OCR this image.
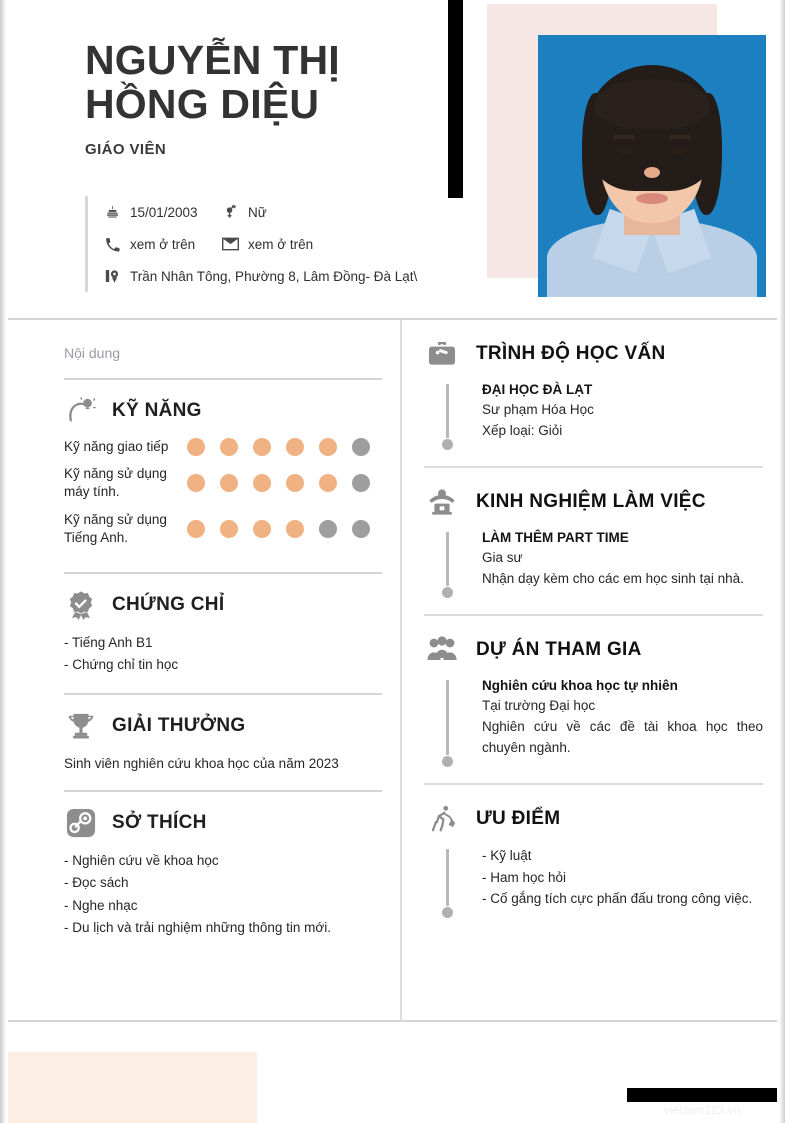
NGUYỄN THỊ
HỒNG DIỆU
GIÁO VIÊN
15/01/2003	Nữ
xem ở trên	xem ở trên
Trần Nhân Tông, Phường 8, Lâm Đồng- Đà Lạt\
Nội dung
KỸ NĂNG
Kỹ năng giao tiếp
Kỹ năng sử dụng máy tính.
Kỹ năng sử dụng Tiếng Anh.
CHỨNG CHỈ
- Tiếng Anh B1
- Chứng chỉ tin học
GIẢI THƯỞNG
Sinh viên nghiên cứu khoa học của năm 2023
SỞ THÍCH
- Nghiên cứu về khoa học
- Đọc sách
- Nghe nhạc
- Du lịch và trải nghiệm những thông tin mới.
TRÌNH ĐỘ HỌC VẤN
ĐẠI HỌC ĐÀ LẠT
Sư phạm Hóa Học
Xếp loại: Giỏi
KINH NGHIỆM LÀM VIỆC
LÀM THÊM PART TIME
Gia sư
Nhận dạy kèm cho các em học sinh tại nhà.
DỰ ÁN THAM GIA
Nghiên cứu khoa học tự nhiên
Tại trường Đại học
Nghiên cứu về các đề tài khoa học theo chuyên ngành.
ƯU ĐIỂM
- Kỹ luật
- Ham học hỏi
- Cố gắng tích cực phấn đấu trong công việc.
vieclam123.vn
